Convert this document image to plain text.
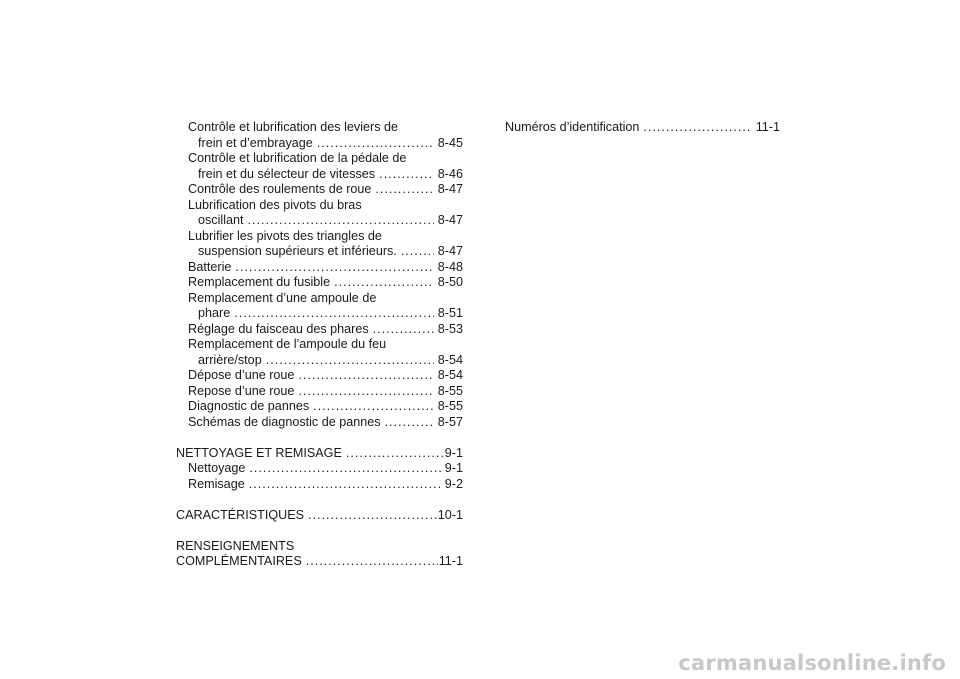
Contrôle et lubrification des leviers de
frein et d’embrayage .....	8-45
Contrôle et lubrification de la pédale de
frein et du sélecteur de vitesses .....	8-46
Contrôle des roulements de roue .....	8-47
Lubrification des pivots du bras
oscillant .....	8-47
Lubrifier les pivots des triangles de
suspension supérieurs et inférieurs. .....	8-47
Batterie .....	8-48
Remplacement du fusible .....	8-50
Remplacement d’une ampoule de
phare .....	8-51
Réglage du faisceau des phares .....	8-53
Remplacement de l’ampoule du feu
arrière/stop .....	8-54
Dépose d’une roue .....	8-54
Repose d’une roue .....	8-55
Diagnostic de pannes .....	8-55
Schémas de diagnostic de pannes .....	8-57
NETTOYAGE ET REMISAGE .....	9-1
Nettoyage .....	9-1
Remisage .....	9-2
CARACTÉRISTIQUES .....	10-1
RENSEIGNEMENTS
COMPLÉMENTAIRES .....	11-1
Numéros d’identification .....	11-1
carmanualsonline.info
